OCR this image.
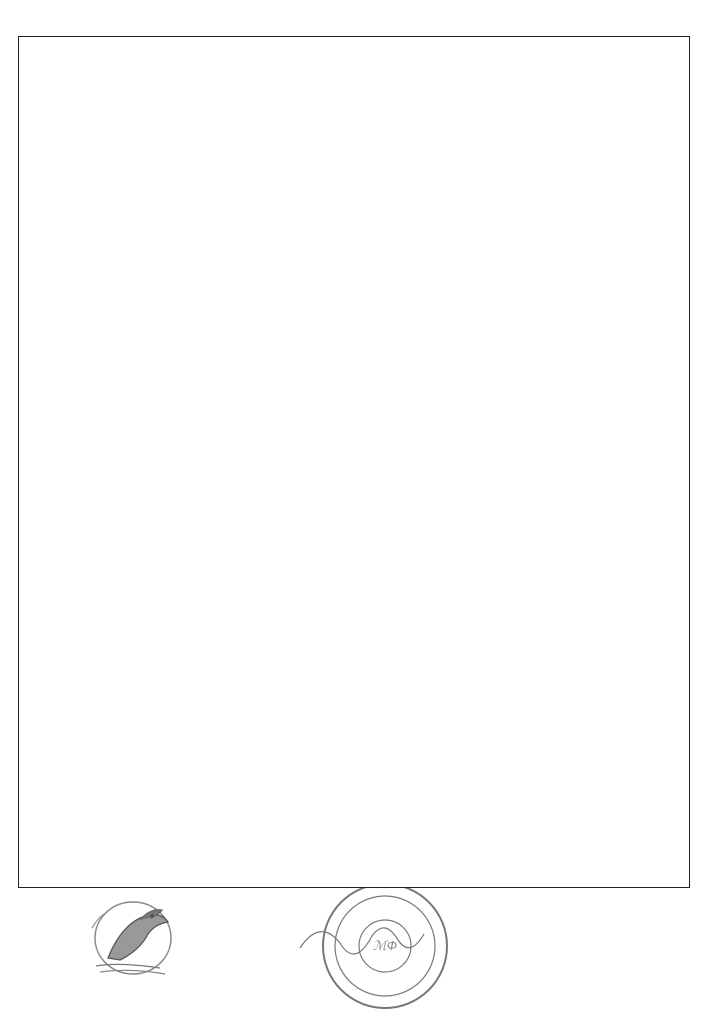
ℳФ
